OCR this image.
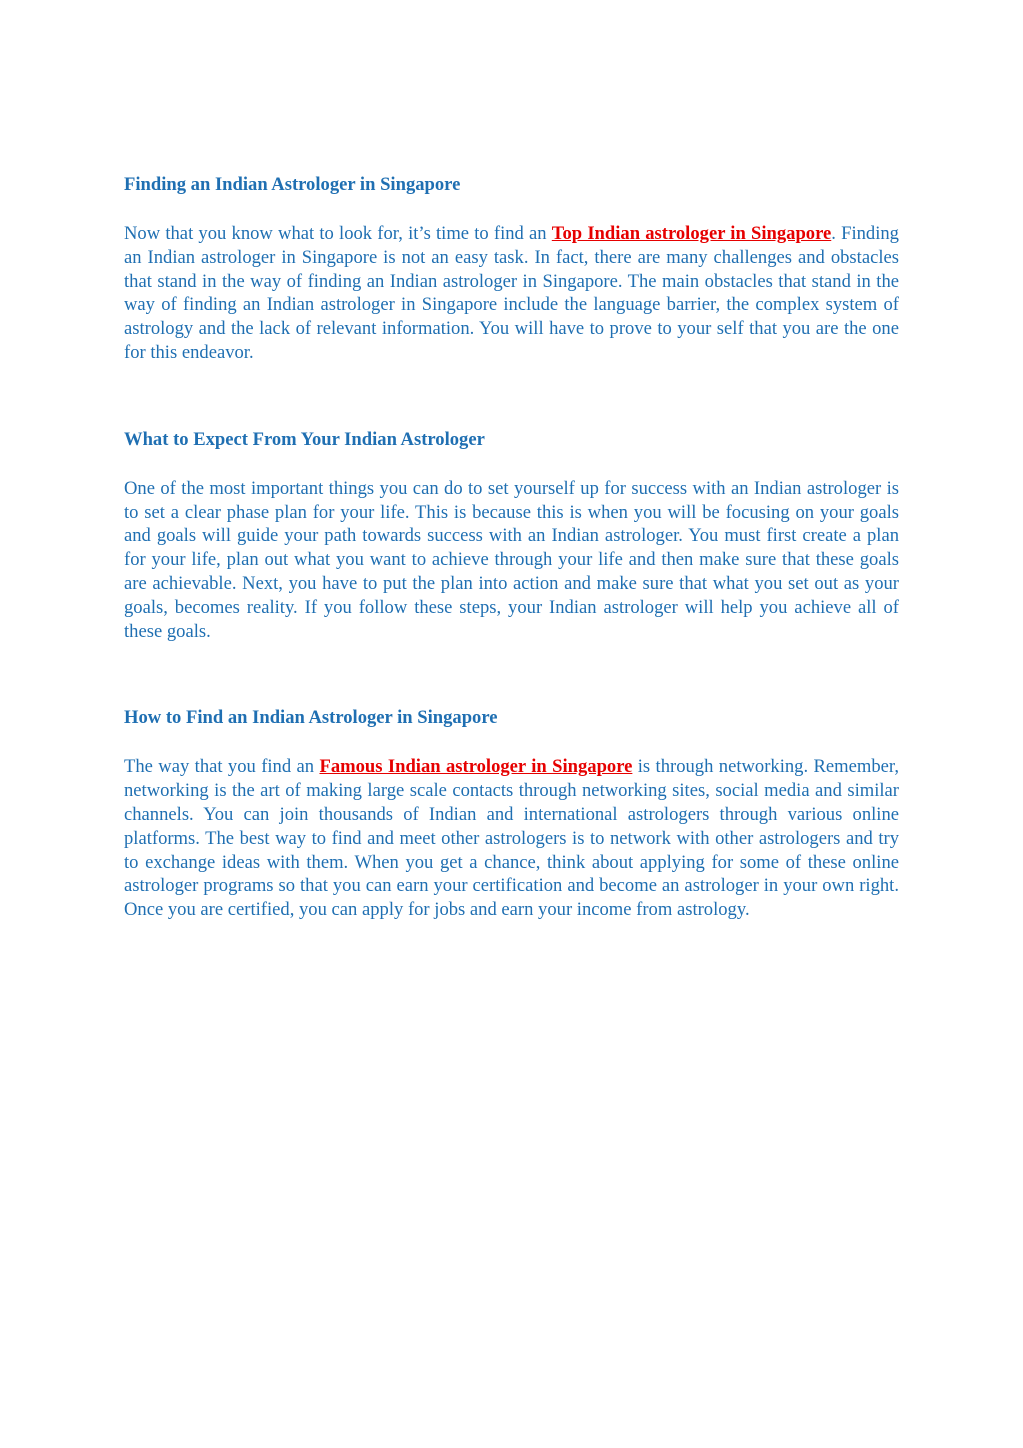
Finding an Indian Astrologer in Singapore

Now that you know what to look for, it’s time to find an Top Indian astrologer in Singapore. Finding an Indian astrologer in Singapore is not an easy task. In fact, there are many challenges and obstacles that stand in the way of finding an Indian astrologer in Singapore. The main obstacles that stand in the way of finding an Indian astrologer in Singapore include the language barrier, the complex system of astrology and the lack of relevant information. You will have to prove to your self that you are the one for this endeavor.

What to Expect From Your Indian Astrologer

One of the most important things you can do to set yourself up for success with an Indian astrologer is to set a clear phase plan for your life. This is because this is when you will be focusing on your goals and goals will guide your path towards success with an Indian astrologer. You must first create a plan for your life, plan out what you want to achieve through your life and then make sure that these goals are achievable. Next, you have to put the plan into action and make sure that what you set out as your goals, becomes reality. If you follow these steps, your Indian astrologer will help you achieve all of these goals.

How to Find an Indian Astrologer in Singapore

The way that you find an Famous Indian astrologer in Singapore is through networking. Remember, networking is the art of making large scale contacts through networking sites, social media and similar channels. You can join thousands of Indian and international astrologers through various online platforms. The best way to find and meet other astrologers is to network with other astrologers and try to exchange ideas with them. When you get a chance, think about applying for some of these online astrologer programs so that you can earn your certification and become an astrologer in your own right. Once you are certified, you can apply for jobs and earn your income from astrology.
